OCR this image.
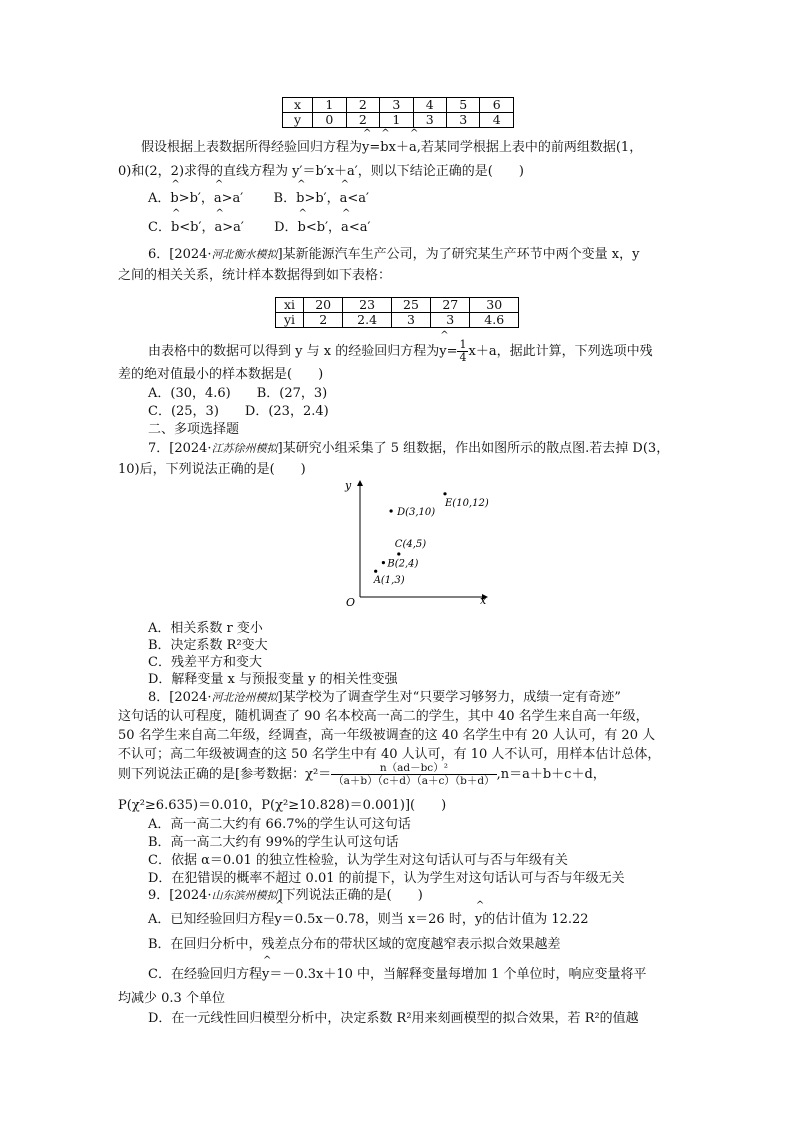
x	1	2	3	4	5	6
y	0	2	1	3	3	4
假设根据上表数据所得经验回归方程为^ y=^ bx＋^ a,若某同学根据上表中的前两组数据(1，
0)和(2，2)求得的直线方程为 y′＝b′x＋a′，则以下结论正确的是(　　)
A．^ b>b′，^ a>a′ B．^ b>b′，^ a<a′
C．^ b<b′，^ a>a′ D．^ b<b′，^ a<a′
6．[2024·河北衡水模拟]某新能源汽车生产公司，为了研究某生产环节中两个变量 x，y
之间的相关关系，统计样本数据得到如下表格：
xi	20	23	25	27	30
yi	2	2.4	3	3	4.6
由表格中的数据可以得到 y 与 x 的经验回归方程为^ $y= \frac{1}{4} x+a$，据此计算，下列选项中残
差的绝对值最小的样本数据是(　　)
A．(30，4.6)　　B．(27，3)
C．(25，3)　　D．(23，2.4)
二、多项选择题
7．[2024·江苏徐州模拟]某研究小组采集了 5 组数据，作出如图所示的散点图.若去掉 D(3，
10)后，下列说法正确的是(　　)
y
x
O
A(1,3)
B(2,4)
C(4,5)
D(3,10)
E(10,12)
A．相关系数 r 变小
B．决定系数 R²变大
C．残差平方和变大
D．解释变量 x 与预报变量 y 的相关性变强
8．[2024·河北沧州模拟]某学校为了调查学生对“只要学习够努力，成绩一定有奇迹”
这句话的认可程度，随机调查了 90 名本校高一高二的学生，其中 40 名学生来自高一年级，
50 名学生来自高二年级，经调查，高一年级被调查的这 40 名学生中有 20 人认可，有 20 人
不认可；高二年级被调查的这 50 名学生中有 40 人认可，有 10 人不认可，用样本估计总体，
则下列说法正确的是[参考数据：$\chi^2= \frac{\text{n（ad－bc）²}}{(a+b)(c+d)(a+c)(b+d)} ,n=a+b+c+d$，
P(χ²≥6.635)＝0.010，P(χ²≥10.828)＝0.001)](　　)
A．高一高二大约有 66.7%的学生认可这句话
B．高一高二大约有 99%的学生认可这句话
C．依据 α＝0.01 的独立性检验，认为学生对这句话认可与否与年级有关
D．在犯错误的概率不超过 0.01 的前提下，认为学生对这句话认可与否与年级无关
9．[2024·山东滨州模拟]下列说法正确的是(　　)
A．已知经验回归方程^ y＝0.5x－0.78，则当 x＝26 时，^ y的估计值为 12.22
B．在回归分析中，残差点分布的带状区域的宽度越窄表示拟合效果越差
C．在经验回归方程^ y＝－0.3x＋10 中，当解释变量每增加 1 个单位时，响应变量将平
均减少 0.3 个单位
D．在一元线性回归模型分析中，决定系数 R²用来刻画模型的拟合效果，若 R²的值越
